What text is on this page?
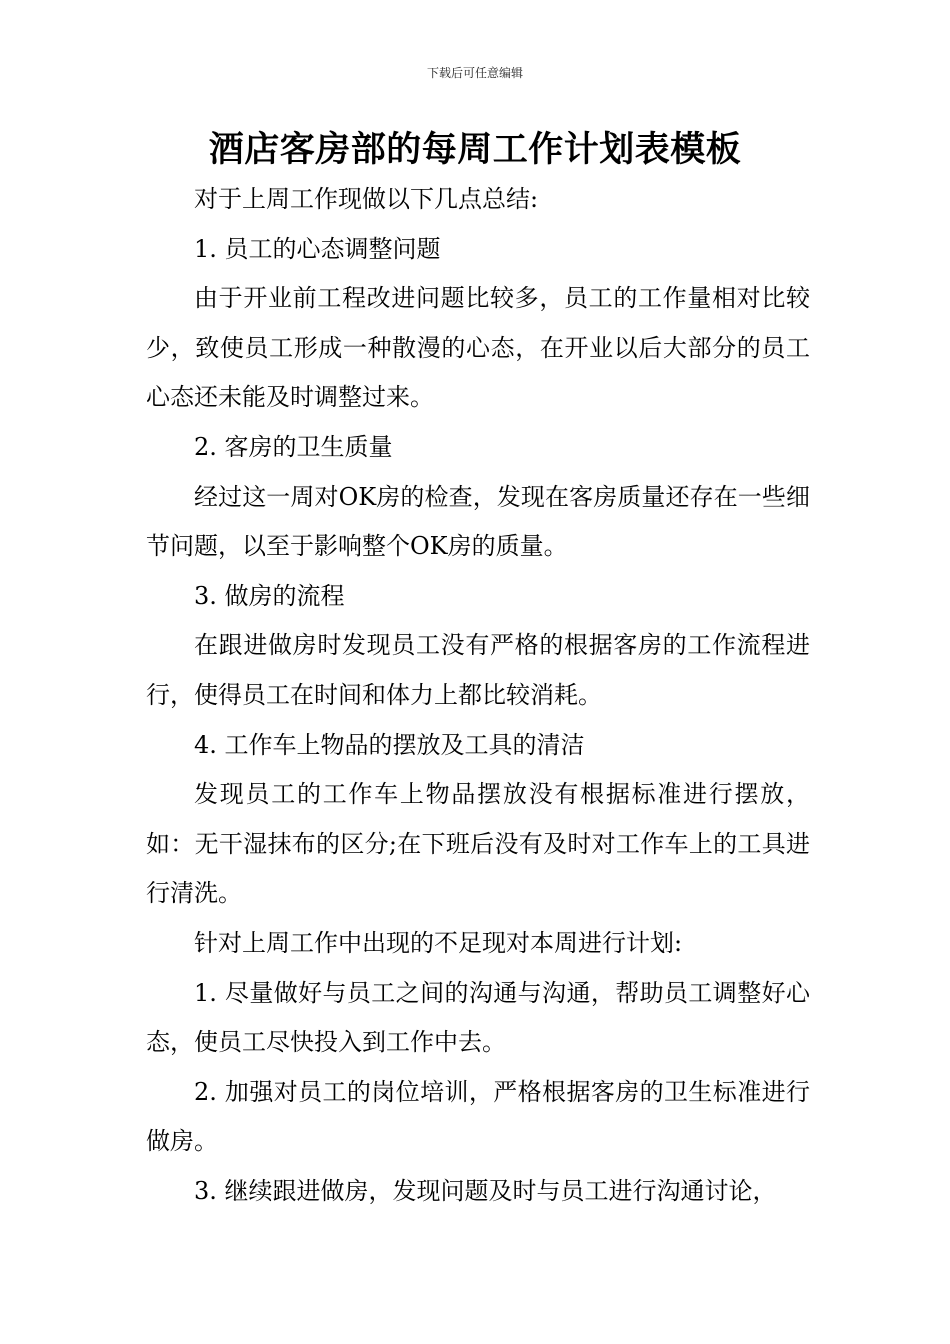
下载后可任意编辑
酒店客房部的每周工作计划表模板

对于上周工作现做以下几点总结:

1. 员工的心态调整问题

由于开业前工程改进问题比较多，员工的工作量相对比较少，致使员工形成一种散漫的心态，在开业以后大部分的员工心态还未能及时调整过来。

2. 客房的卫生质量

经过这一周对OK房的检查，发现在客房质量还存在一些细节问题，以至于影响整个OK房的质量。

3. 做房的流程

在跟进做房时发现员工没有严格的根据客房的工作流程进行，使得员工在时间和体力上都比较消耗。

4. 工作车上物品的摆放及工具的清洁

发现员工的工作车上物品摆放没有根据标准进行摆放，如：无干湿抹布的区分;在下班后没有及时对工作车上的工具进行清洗。

针对上周工作中出现的不足现对本周进行计划:

1. 尽量做好与员工之间的沟通与沟通，帮助员工调整好心态，使员工尽快投入到工作中去。

2. 加强对员工的岗位培训，严格根据客房的卫生标准进行做房。

3. 继续跟进做房，发现问题及时与员工进行沟通讨论，
